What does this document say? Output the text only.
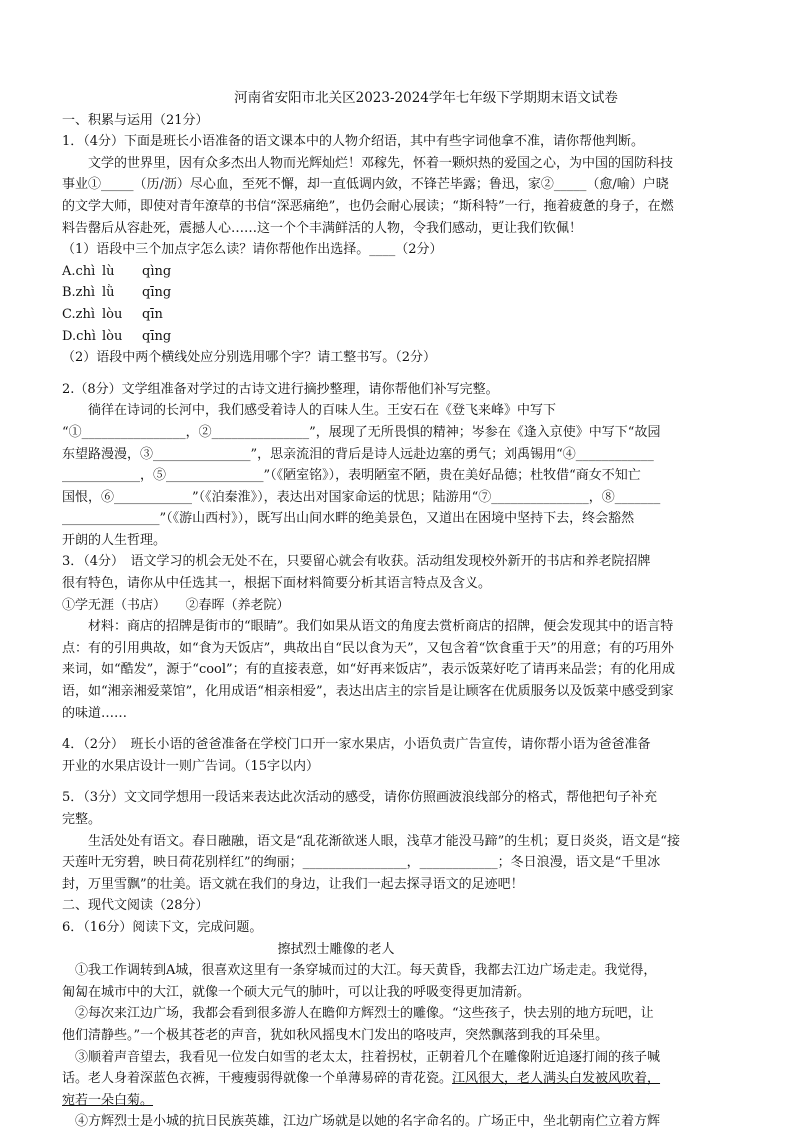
河南省安阳市北关区2023-2024学年七年级下学期期末语文试卷

一、积累与运用（21分）

1．（4分）下面是班长小语准备的语文课本中的人物介绍语，其中有些字词他拿不准，请你帮他判断。

文学的世界里，因有众多杰出人物而光辉灿烂！邓稼先，怀着一颗炽热的爱国之心，为中国的国防科技

事业①_____（历/沥）尽心血，至死不懈，却一直低调内敛，不锋芒毕露；鲁迅，家②_____（愈/喻）户晓

的文学大师，即使对青年潦草的书信“深恶痛绝”，也仍会耐心展读；“斯科特”一行，拖着疲惫的身子，在燃

料告罄后从容赴死，震撼人心……这一个个丰满鲜活的人物，令我们感动，更让我们钦佩！

（1）语段中三个加点字怎么读？请你帮他作出选择。____（2分）

A.chì lù qìng
B.zhì lǜ qīng
C.zhì lòu qīn
D.chì lòu qīng

（2）语段中两个横线处应分别选用哪个字？请工整书写。（2分）

2.（8分）文学组准备对学过的古诗文进行摘抄整理，请你帮他们补写完整。

徜徉在诗词的长河中，我们感受着诗人的百味人生。王安石在《登飞来峰》中写下

“①________________，②_______________”，展现了无所畏惧的精神；岑参在《逢入京使》中写下“故园

东望路漫漫，③_______________”，思亲流泪的背后是诗人远赴边塞的勇气；刘禹锡用“④____________

____________，⑤_______________”（《陋室铭》），表明陋室不陋，贵在美好品德；杜牧借“商女不知亡

国恨，⑥____________”（《泊秦淮》），表达出对国家命运的忧思；陆游用“⑦_______________，⑧_______

_______________”（《游山西村》），既写出山间水畔的绝美景色，又道出在困境中坚持下去，终会豁然

开朗的人生哲理。

3．（4分）　语文学习的机会无处不在，只要留心就会有收获。活动组发现校外新开的书店和养老院招牌

很有特色，请你从中任选其一，根据下面材料简要分析其语言特点及含义。

①学无涯（书店）　　②春晖（养老院）

材料：商店的招牌是街市的“眼睛”。我们如果从语文的角度去赏析商店的招牌，便会发现其中的语言特

点：有的引用典故，如“食为天饭店”，典故出自“民以食为天”，又包含着“饮食重于天”的用意；有的巧用外

来词，如“酷发”，源于“cool”；有的直接表意，如“好再来饭店”，表示饭菜好吃了请再来品尝；有的化用成

语，如“湘亲湘爱菜馆”，化用成语“相亲相爱”，表达出店主的宗旨是让顾客在优质服务以及饭菜中感受到家

的味道……

4．（2分）　班长小语的爸爸准备在学校门口开一家水果店，小语负责广告宣传，请你帮小语为爸爸准备

开业的水果店设计一则广告词。（15字以内）

5．（3分）文文同学想用一段话来表达此次活动的感受，请你仿照画波浪线部分的格式，帮他把句子补充

完整。

生活处处有语文。春日融融，语文是“乱花渐欲迷人眼，浅草才能没马蹄”的生机；夏日炎炎，语文是“接

天莲叶无穷碧，映日荷花别样红”的绚丽；________________，____________；冬日浪漫，语文是“千里冰

封，万里雪飘”的壮美。语文就在我们的身边，让我们一起去探寻语文的足迹吧！

二、现代文阅读（28分）

6．（16分）阅读下文，完成问题。

擦拭烈士雕像的老人

①我工作调转到A城，很喜欢这里有一条穿城而过的大江。每天黄昏，我都去江边广场走走。我觉得，

匍匐在城市中的大江，就像一个硕大元气的肺叶，可以让我的呼吸变得更加清新。

②每次来江边广场，我都会看到很多游人在瞻仰方辉烈士的雕像。“这些孩子，快去别的地方玩吧，让

他们清静些。”一个极其苍老的声音，犹如秋风摇曳木门发出的咯吱声，突然飘落到我的耳朵里。

③顺着声音望去，我看见一位发白如雪的老太太，拄着拐杖，正朝着几个在雕像附近追逐打闹的孩子喊

话。老人身着深蓝色衣裤，干瘦瘦弱得就像一个单薄易碎的青花瓷。江风很大，老人满头白发被风吹着，

宛若一朵白菊。

④方辉烈士是小城的抗日民族英雄，江边广场就是以她的名字命名的。广场正中，坐北朝南伫立着方辉
